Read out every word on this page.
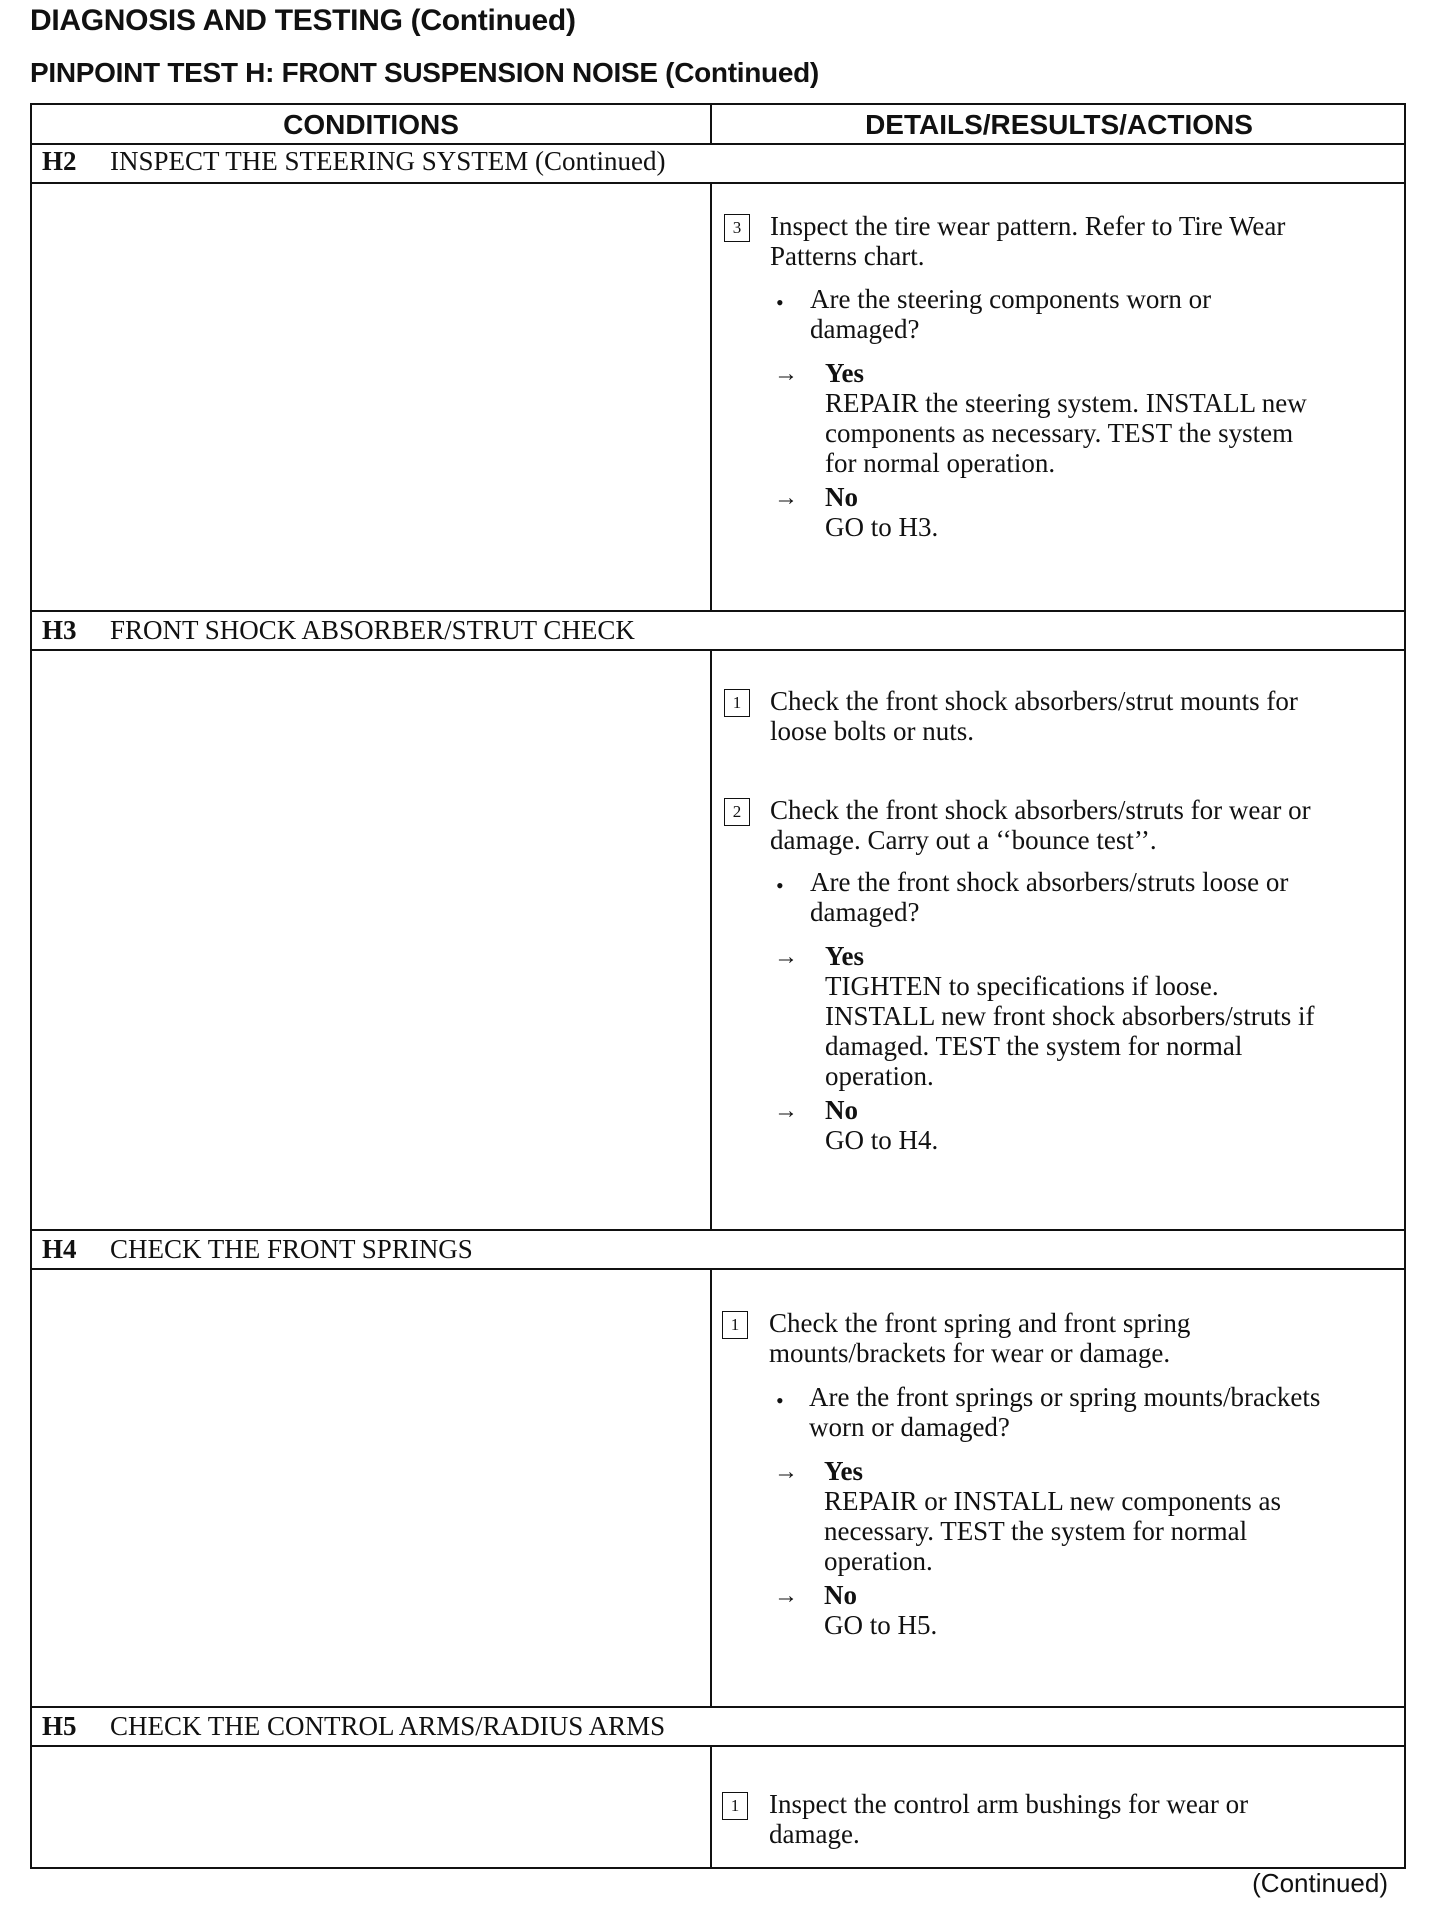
DIAGNOSIS AND TESTING (Continued)
PINPOINT TEST H: FRONT SUSPENSION NOISE (Continued)
CONDITIONS	DETAILS/RESULTS/ACTIONS
H2 INSPECT THE STEERING SYSTEM (Continued)
3	Inspect the tire wear pattern. Refer to Tire Wear
Patterns chart.
• Are the steering components worn or
damaged?
→ Yes
REPAIR the steering system. INSTALL new
components as necessary. TEST the system
for normal operation.
→ No
GO to H3.
H3 FRONT SHOCK ABSORBER/STRUT CHECK
1	Check the front shock absorbers/strut mounts for
loose bolts or nuts.
2	Check the front shock absorbers/struts for wear or
damage. Carry out a ‘‘bounce test’’.
• Are the front shock absorbers/struts loose or
damaged?
→ Yes
TIGHTEN to specifications if loose.
INSTALL new front shock absorbers/struts if
damaged. TEST the system for normal
operation.
→ No
GO to H4.
H4 CHECK THE FRONT SPRINGS
1	Check the front spring and front spring
mounts/brackets for wear or damage.
• Are the front springs or spring mounts/brackets
worn or damaged?
→ Yes
REPAIR or INSTALL new components as
necessary. TEST the system for normal
operation.
→ No
GO to H5.
H5 CHECK THE CONTROL ARMS/RADIUS ARMS
1	Inspect the control arm bushings for wear or
damage.
(Continued)
